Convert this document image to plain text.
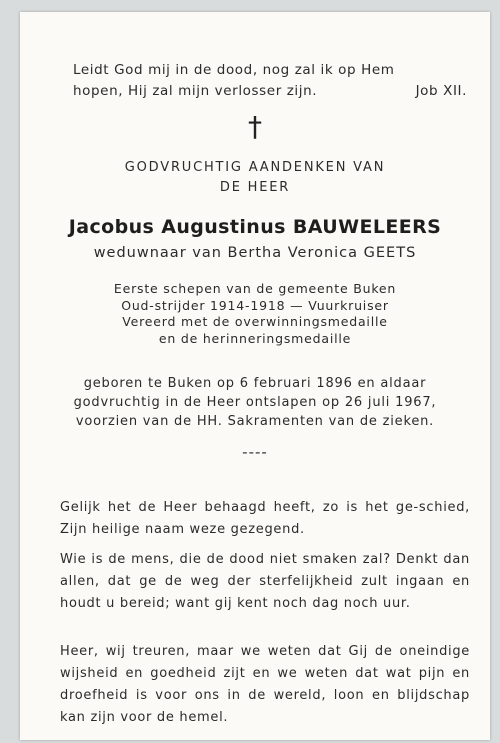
Leidt God mij in de dood, nog zal ik op Hem
hopen, Hij zal mijn verlosser zijn.	Job XII.
†
GODVRUCHTIG AANDENKEN VAN
DE HEER
Jacobus Augustinus BAUWELEERS
weduwnaar van Bertha Veronica GEETS
Eerste schepen van de gemeente Buken
Oud-strijder 1914-1918 — Vuurkruiser
Vereerd met de overwinningsmedaille
en de herinneringsmedaille
geboren te Buken op 6 februari 1896 en aldaar
godvruchtig in de Heer ontslapen op 26 juli 1967,
voorzien van de HH. Sakramenten van de zieken.
----
Gelijk het de Heer behaagd heeft, zo is het ge-schied, Zijn heilige naam weze gezegend.
Wie is de mens, die de dood niet smaken zal? Denkt dan allen, dat ge de weg der sterfelijkheid zult ingaan en houdt u bereid; want gij kent noch dag noch uur.
Heer, wij treuren, maar we weten dat Gij de oneindige wijsheid en goedheid zijt en we weten dat wat pijn en droefheid is voor ons in de wereld, loon en blijdschap kan zijn voor de hemel.
